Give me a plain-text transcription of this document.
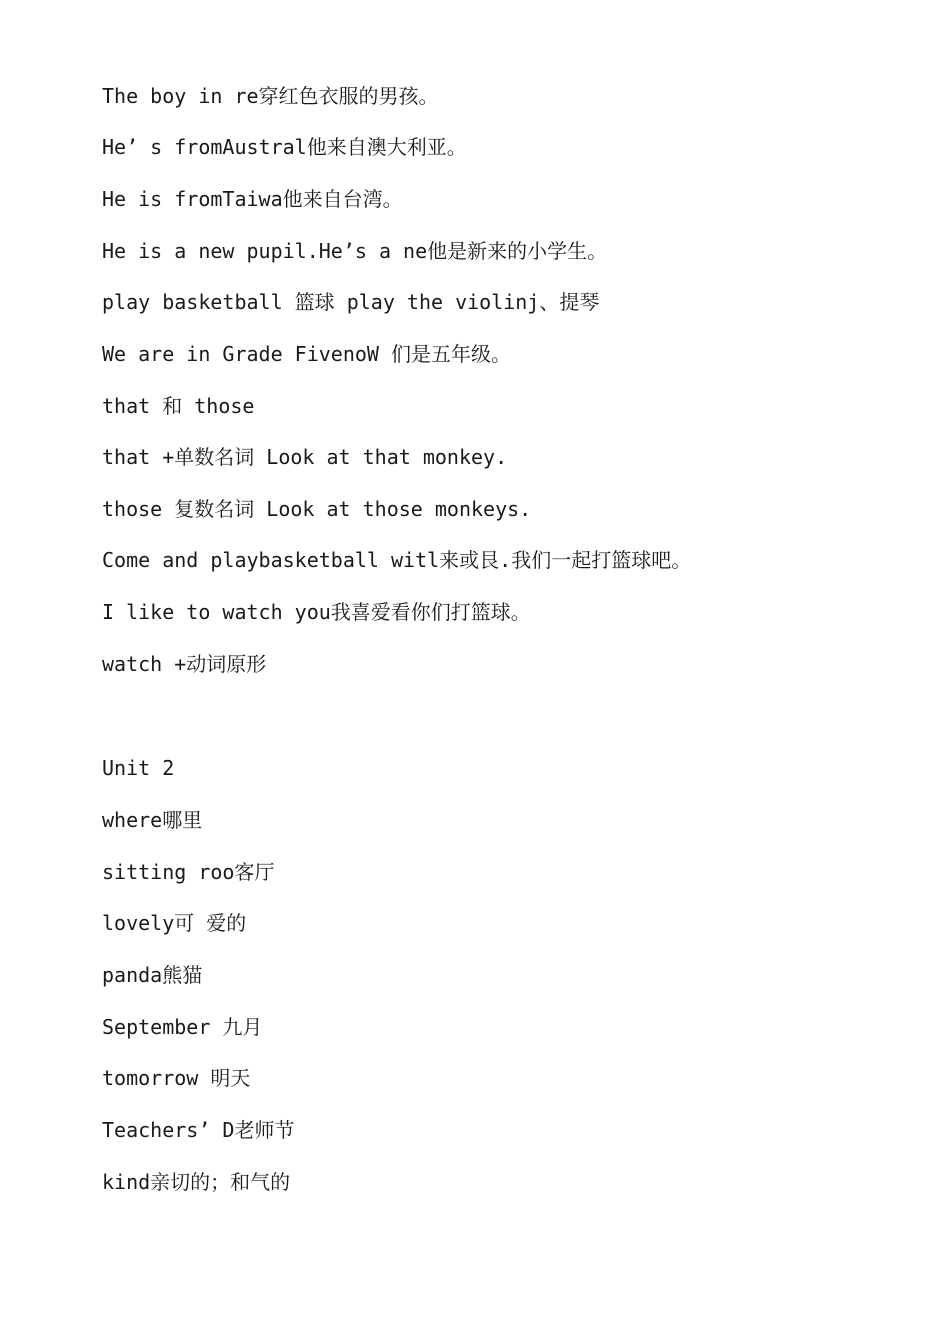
The boy in re穿红色衣服的男孩。
He’ s fromAustral他来自澳大利亚。
He is fromTaiwa他来自台湾。
He is a new pupil.He’s a ne他是新来的小学生。
play basketball 篮球 play the violinj、提琴
We are in Grade FivenoW 们是五年级。
that 和 those
that +单数名词 Look at that monkey.
those 复数名词 Look at those monkeys.
Come and playbasketball witl来或艮.我们一起打篮球吧。
I like to watch you我喜爱看你们打篮球。
watch +动词原形
Unit 2
where哪里
sitting roo客厅
lovely可 爱的
panda熊猫
September 九月
tomorrow 明天
Teachers’ D老师节
kind亲切的；和气的
